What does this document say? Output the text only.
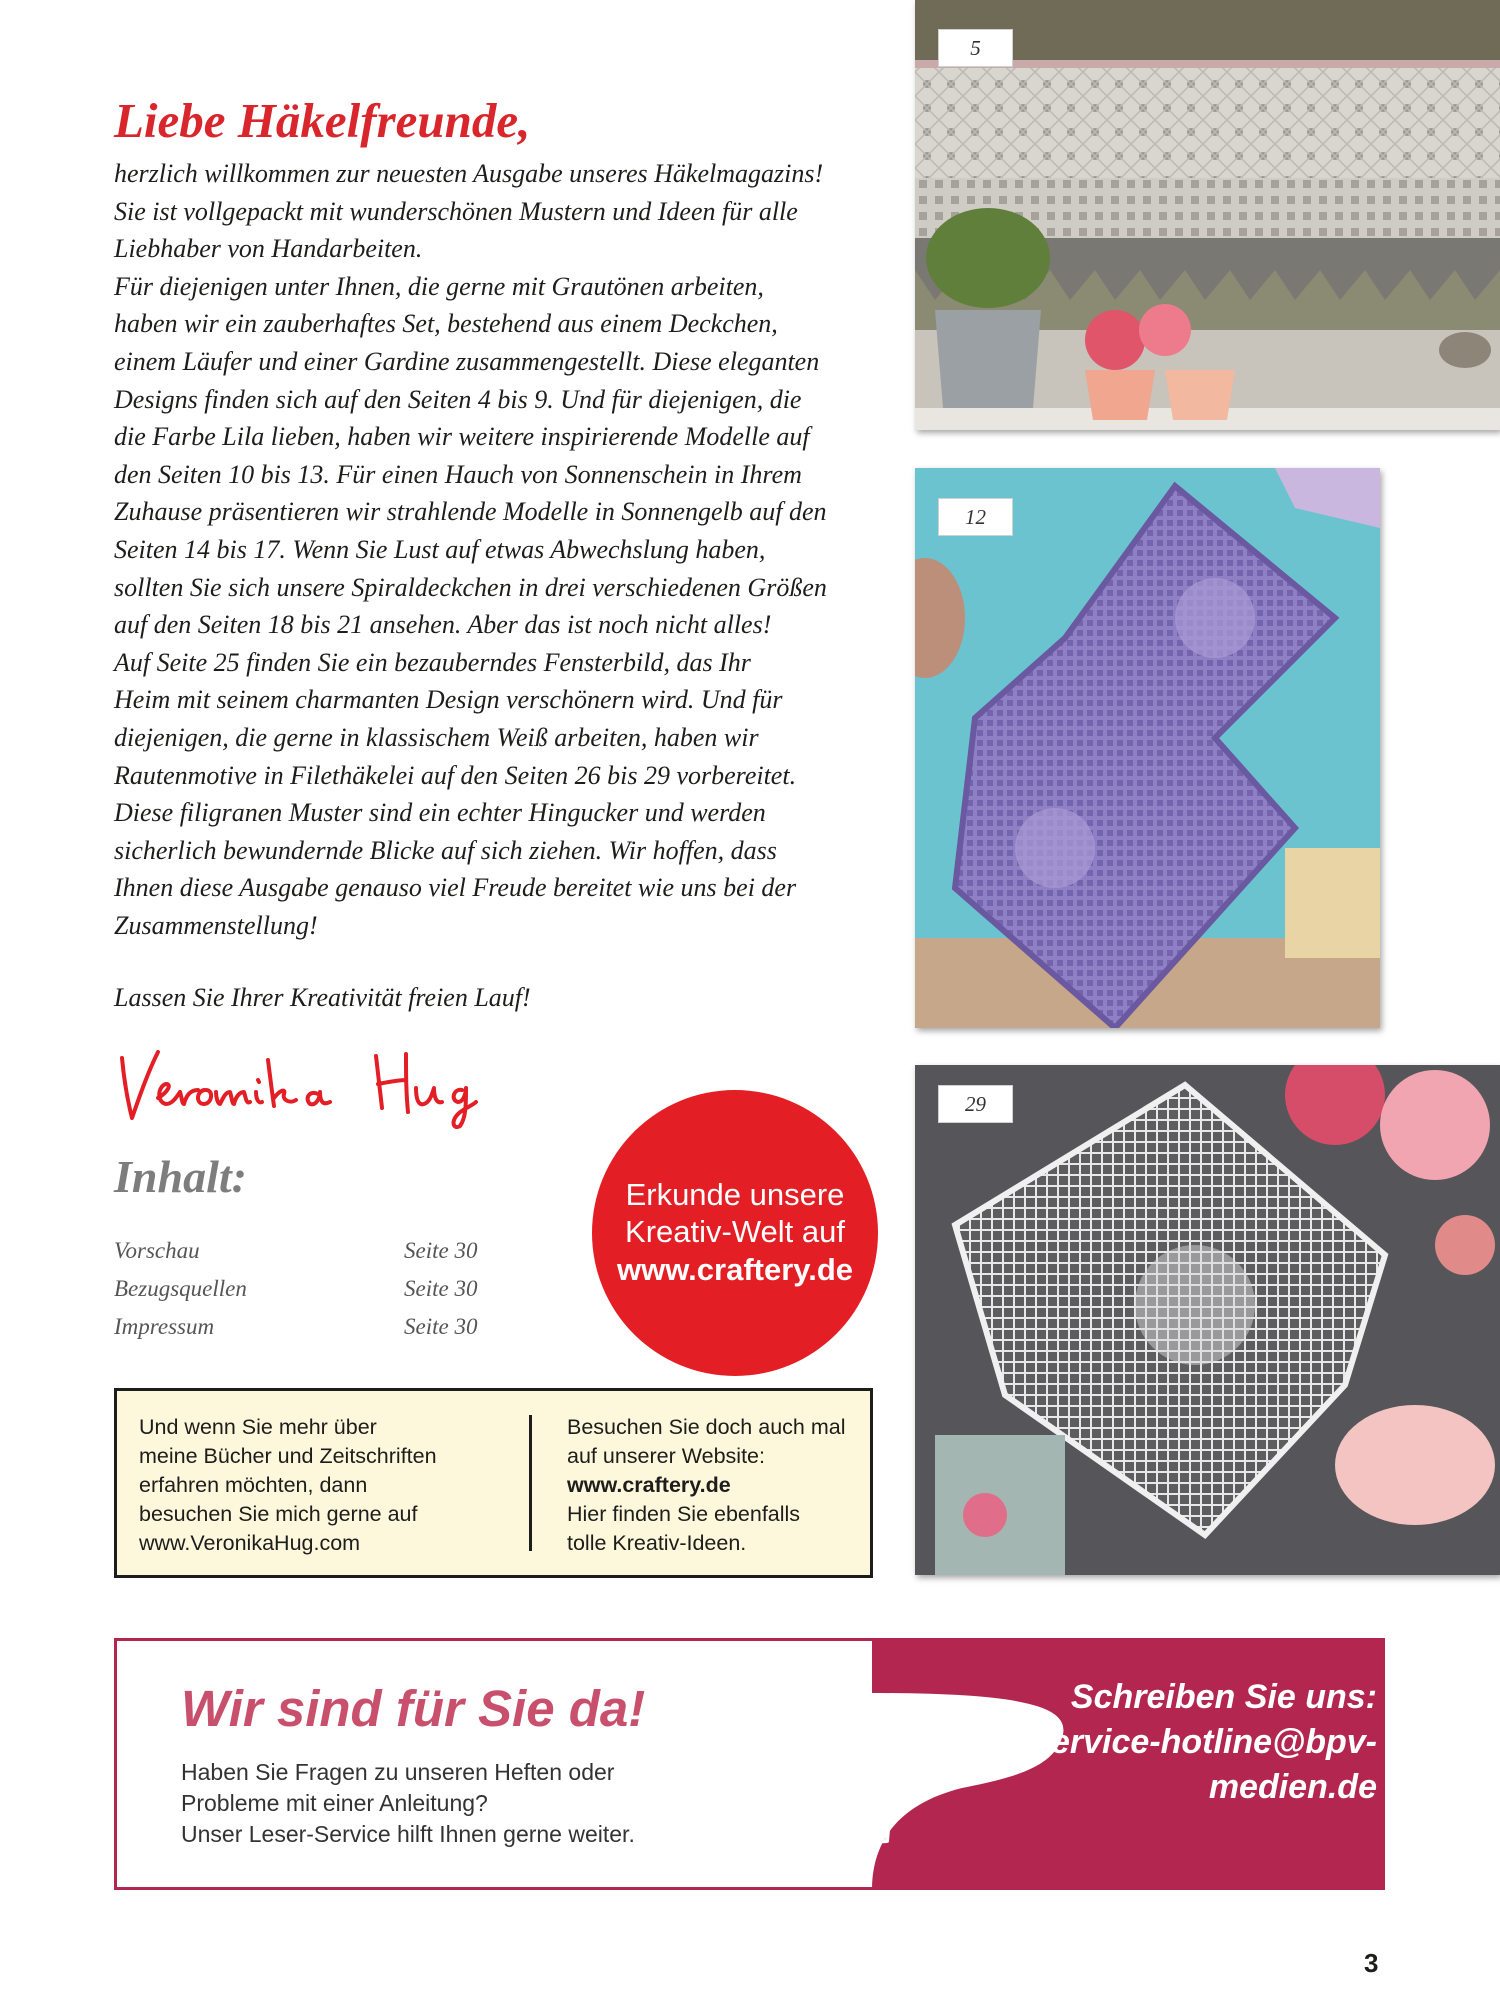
Liebe Häkelfreunde,

herzlich willkommen zur neuesten Ausgabe unseres Häkelmagazins!

Sie ist vollgepackt mit wunderschönen Mustern und Ideen für alle

Liebhaber von Handarbeiten.

Für diejenigen unter Ihnen, die gerne mit Grautönen arbeiten,

haben wir ein zauberhaftes Set, bestehend aus einem Deckchen,

einem Läufer und einer Gardine zusammengestellt. Diese eleganten

Designs finden sich auf den Seiten 4 bis 9. Und für diejenigen, die

die Farbe Lila lieben, haben wir weitere inspirierende Modelle auf

den Seiten 10 bis 13. Für einen Hauch von Sonnenschein in Ihrem

Zuhause präsentieren wir strahlende Modelle in Sonnengelb auf den

Seiten 14 bis 17. Wenn Sie Lust auf etwas Abwechslung haben,

sollten Sie sich unsere Spiraldeckchen in drei verschiedenen Größen

auf den Seiten 18 bis 21 ansehen. Aber das ist noch nicht alles!

Auf Seite 25 finden Sie ein bezauberndes Fensterbild, das Ihr

Heim mit seinem charmanten Design verschönern wird. Und für

diejenigen, die gerne in klassischem Weiß arbeiten, haben wir

Rautenmotive in Filethäkelei auf den Seiten 26 bis 29 vorbereitet.

Diese filigranen Muster sind ein echter Hingucker und werden

sicherlich bewundernde Blicke auf sich ziehen. Wir hoffen, dass

Ihnen diese Ausgabe genauso viel Freude bereitet wie uns bei der

Zusammenstellung!

Lassen Sie Ihrer Kreativität freien Lauf!
Inhalt:
Vorschau	Seite 30
Bezugsquellen	Seite 30
Impressum	Seite 30
Erkunde unsere
Kreativ-Welt auf
www.craftery.de
Und wenn Sie mehr über
meine Bücher und Zeitschriften
erfahren möchten, dann
besuchen Sie mich gerne auf
www.VeronikaHug.com
Besuchen Sie doch auch mal
auf unserer Website:
www.craftery.de
Hier finden Sie ebenfalls
tolle Kreativ-Ideen.
5
12
29
Wir sind für Sie da!

Haben Sie Fragen zu unseren Heften oder

Probleme mit einer Anleitung?

Unser Leser-Service hilft Ihnen gerne weiter.

Schreiben Sie uns:
Service-hotline@bpv-
medien.de
3
